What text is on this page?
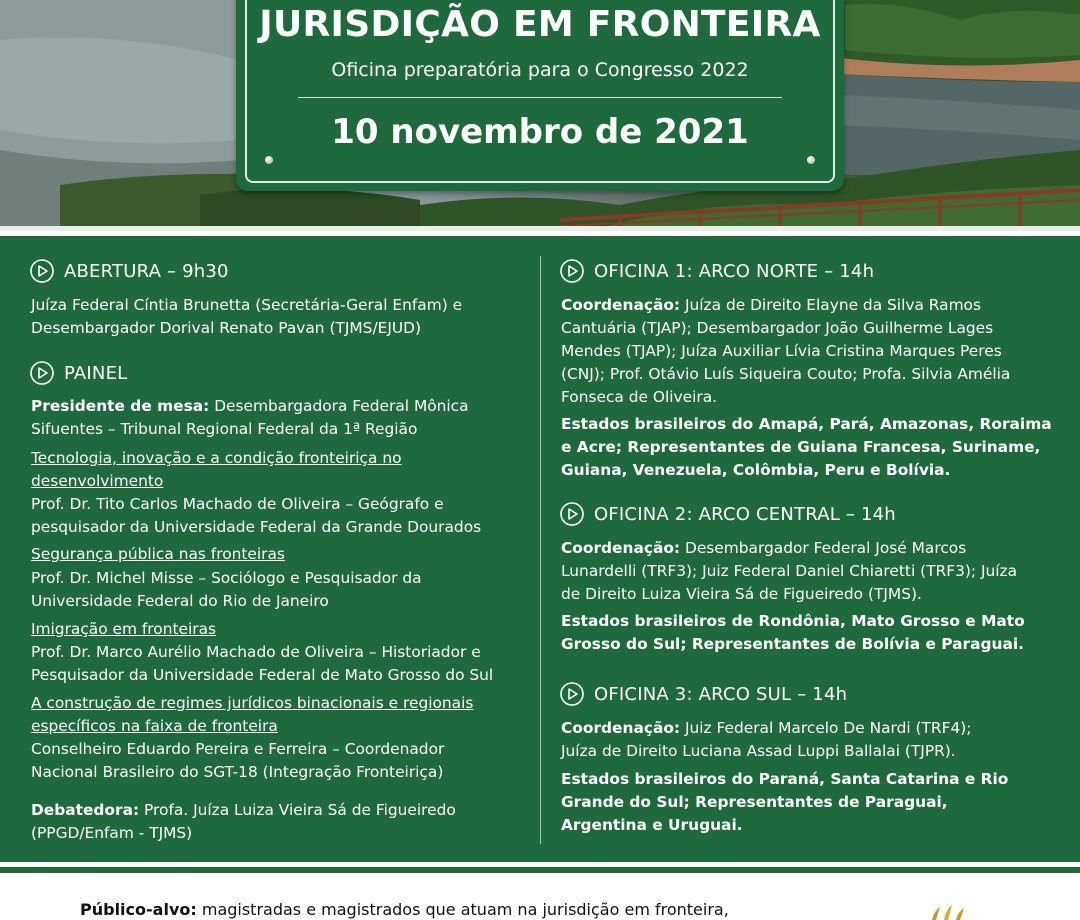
JURISDIÇÃO EM FRONTEIRA
Oficina preparatória para o Congresso 2022
10 novembro de 2021
ABERTURA – 9h30
Juíza Federal Cíntia Brunetta (Secretária-Geral Enfam) e
Desembargador Dorival Renato Pavan (TJMS/EJUD)
PAINEL
Presidente de mesa: Desembargadora Federal Mônica
Sifuentes – Tribunal Regional Federal da 1ª Região
Tecnologia, inovação e a condição fronteiriça no
desenvolvimento
Prof. Dr. Tito Carlos Machado de Oliveira – Geógrafo e
pesquisador da Universidade Federal da Grande Dourados
Segurança pública nas fronteiras
Prof. Dr. Michel Misse – Sociólogo e Pesquisador da
Universidade Federal do Rio de Janeiro
Imigração em fronteiras
Prof. Dr. Marco Aurélio Machado de Oliveira – Historiador e
Pesquisador da Universidade Federal de Mato Grosso do Sul
A construção de regimes jurídicos binacionais e regionais
específicos na faixa de fronteira
Conselheiro Eduardo Pereira e Ferreira – Coordenador
Nacional Brasileiro do SGT-18 (Integração Fronteiriça)
Debatedora: Profa. Juíza Luiza Vieira Sá de Figueiredo
(PPGD/Enfam - TJMS)
OFICINA 1: ARCO NORTE – 14h
Coordenação: Juíza de Direito Elayne da Silva Ramos
Cantuária (TJAP); Desembargador João Guilherme Lages
Mendes (TJAP); Juíza Auxiliar Lívia Cristina Marques Peres
(CNJ); Prof. Otávio Luís Siqueira Couto; Profa. Silvia Amélia
Fonseca de Oliveira.
Estados brasileiros do Amapá, Pará, Amazonas, Roraima
e Acre; Representantes de Guiana Francesa, Suriname,
Guiana, Venezuela, Colômbia, Peru e Bolívia.
OFICINA 2: ARCO CENTRAL – 14h
Coordenação: Desembargador Federal José Marcos
Lunardelli (TRF3); Juiz Federal Daniel Chiaretti (TRF3); Juíza
de Direito Luiza Vieira Sá de Figueiredo (TJMS).
Estados brasileiros de Rondônia, Mato Grosso e Mato
Grosso do Sul; Representantes de Bolívia e Paraguai.
OFICINA 3: ARCO SUL – 14h
Coordenação: Juiz Federal Marcelo De Nardi (TRF4);
Juíza de Direito Luciana Assad Luppi Ballalai (TJPR).
Estados brasileiros do Paraná, Santa Catarina e Rio
Grande do Sul; Representantes de Paraguai,
Argentina e Uruguai.
Público-alvo: magistradas e magistrados que atuam na jurisdição em fronteira,
